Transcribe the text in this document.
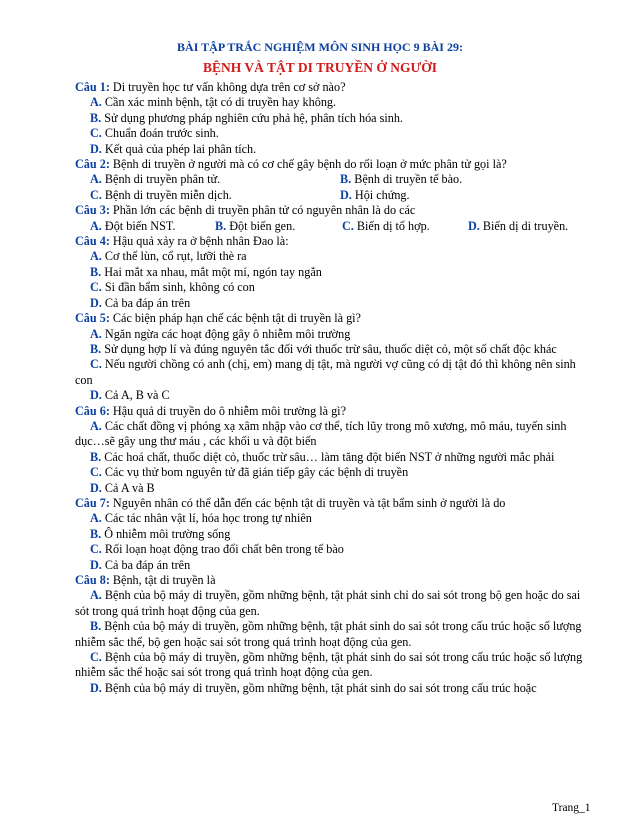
BÀI TẬP TRẮC NGHIỆM MÔN SINH HỌC 9 BÀI 29:
BỆNH VÀ TẬT DI TRUYỀN Ở NGƯỜI

Câu 1: Di truyền học tư vấn không dựa trên cơ sở nào?

A. Cần xác minh bệnh, tật có di truyền hay không.

B. Sử dụng phương pháp nghiên cứu phả hệ, phân tích hóa sinh.

C. Chuẩn đoán trước sinh.

D. Kết quả của phép lai phân tích.

Câu 2: Bệnh di truyền ở người mà có cơ chế gây bệnh do rối loạn ở mức phân tử gọi là?

A. Bệnh di truyền phân tử.	B. Bệnh di truyền tế bào.
C. Bệnh di truyền miễn dịch.	D. Hội chứng.

Câu 3: Phần lớn các bệnh di truyền phân tử có nguyên nhân là do các

A. Đột biến NST.	B. Đột biến gen.	C. Biến dị tổ hợp.	D. Biến dị di truyền.

Câu 4: Hậu quả xảy ra ở bệnh nhân Đao là:

A. Cơ thể lùn, cổ rụt, lưỡi thè ra

B. Hai mắt xa nhau, mắt một mí, ngón tay ngắn

C. Si đần bẩm sinh, không có con

D. Cả ba đáp án trên

Câu 5: Các biện pháp hạn chế các bệnh tật di truyền là gì?

A. Ngăn ngừa các hoạt động gây ô nhiễm môi trường

B. Sử dụng hợp lí và đúng nguyên tắc đối với thuốc trừ sâu, thuốc diệt cỏ, một số chất độc khác

C. Nếu người chồng có anh (chị, em) mang dị tật, mà người vợ cũng có dị tật đó thì không nên sinh con

D. Cả A, B và C

Câu 6: Hậu quả di truyền do ô nhiễm môi trường là gì?

A. Các chất đồng vị phóng xạ xâm nhập vào cơ thể, tích lũy trong mô xương, mô máu, tuyến sinh dục…sẽ gây ung thư máu , các khối u và đột biến

B. Các hoá chất, thuốc diệt cỏ, thuốc trừ sâu… làm tăng đột biến NST ở những người mắc phải

C. Các vụ thử bom nguyên tử đã gián tiếp gây các bệnh di truyền

D. Cả A và B

Câu 7: Nguyên nhân có thể dẫn đến các bệnh tật di truyền và tật bẩm sinh ở người là do

A. Các tác nhân vật lí, hóa học trong tự nhiên

B. Ô nhiễm môi trường sống

C. Rối loạn hoạt động trao đổi chất bên trong tế bào

D. Cả ba đáp án trên

Câu 8: Bệnh, tật di truyền là

A. Bệnh của bộ máy di truyền, gồm những bệnh, tật phát sinh chỉ do sai sót trong bộ gen hoặc do sai sót trong quá trình hoạt động của gen.

B. Bệnh của bộ máy di truyền, gồm những bệnh, tật phát sinh do sai sót trong cấu trúc hoặc số lượng nhiễm sắc thể, bộ gen hoặc sai sót trong quá trình hoạt động của gen.

C. Bệnh của bộ máy di truyền, gồm những bệnh, tật phát sinh do sai sót trong cấu trúc hoặc số lượng nhiễm sắc thể hoặc sai sót trong quá trình hoạt động của gen.

D. Bệnh của bộ máy di truyền, gồm những bệnh, tật phát sinh do sai sót trong cấu trúc hoặc

Trang_1
